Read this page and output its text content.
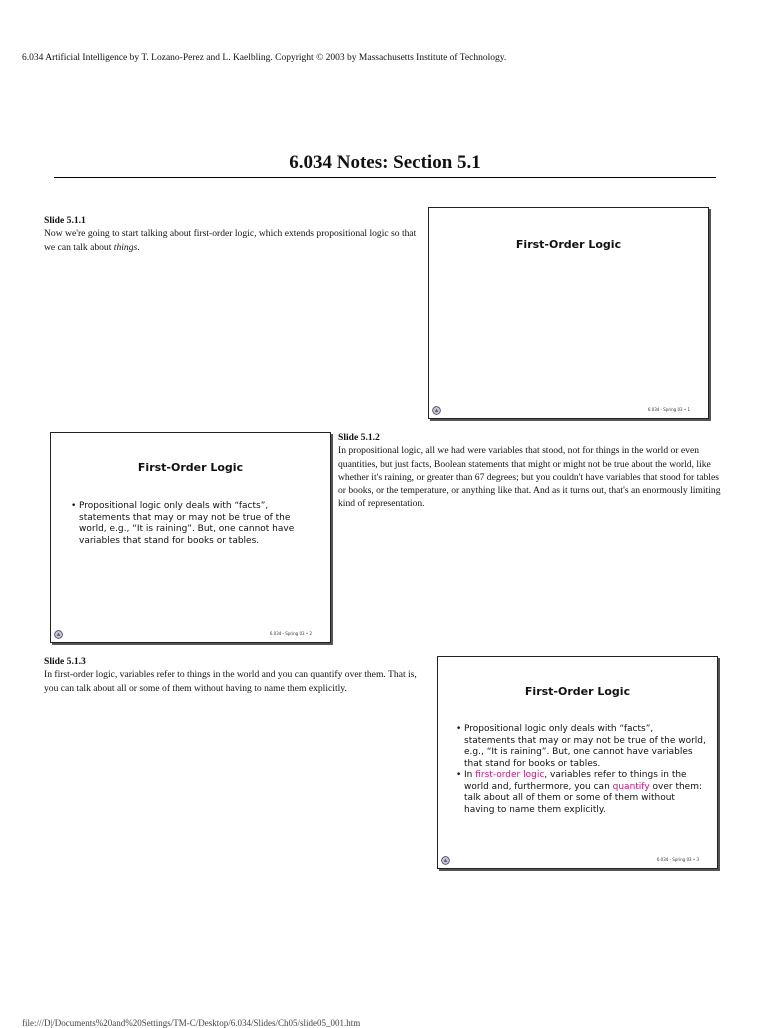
6.034 Artificial Intelligence by T. Lozano-Perez and L. Kaelbling. Copyright © 2003 by Massachusetts Institute of Technology.
6.034 Notes: Section 5.1
Slide 5.1.1
Now we're going to start talking about first-order logic, which extends propositional logic so that we can talk about things.	First-Order Logic
6.034 - Spring 03 • 1
First-Order Logic
• Propositional logic only deals with “facts”, statements that may or may not be true of the world, e.g., “It is raining”. But, one cannot have variables that stand for books or tables.
6.034 - Spring 03 • 2
Slide 5.1.2
In propositional logic, all we had were variables that stood, not for things in the world or even quantities, but just facts, Boolean statements that might or might not be true about the world, like whether it's raining, or greater than 67 degrees; but you couldn't have variables that stood for tables or books, or the temperature, or anything like that. And as it turns out, that's an enormously limiting kind of representation.
Slide 5.1.3
In first-order logic, variables refer to things in the world and you can quantify over them. That is, you can talk about all or some of them without having to name them explicitly.	First-Order Logic
• Propositional logic only deals with “facts”, statements that may or may not be true of the world, e.g., “It is raining”. But, one cannot have variables that stand for books or tables.
• In first-order logic, variables refer to things in the world and, furthermore, you can quantify over them: talk about all of them or some of them without having to name them explicitly.
6.034 - Spring 03 • 3
file:///D|/Documents%20and%20Settings/TM-C/Desktop/6.034/Slides/Ch05/slide05_001.htm
